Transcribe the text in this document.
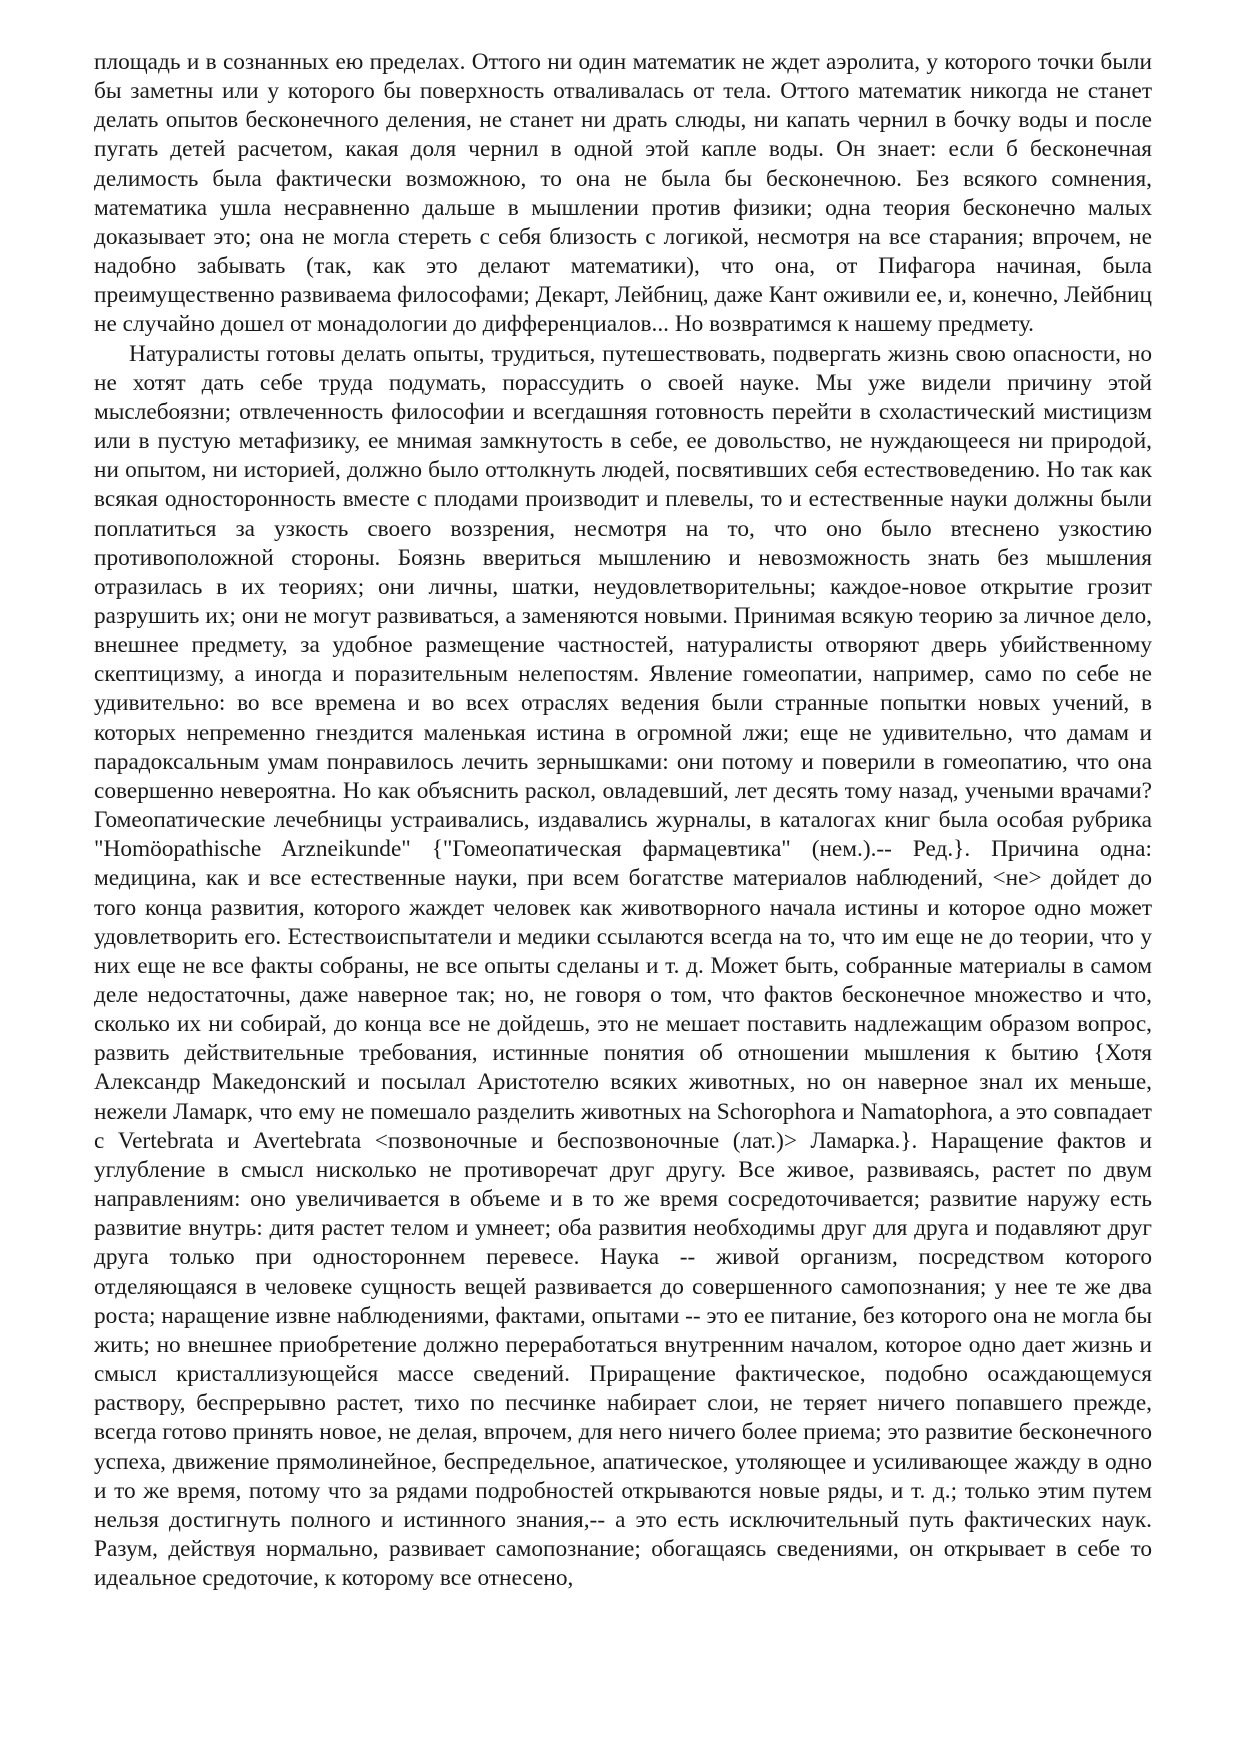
площадь и в сознанных ею пределах. Оттого ни один математик не ждет аэролита, у которого точки были бы заметны или у которого бы поверхность отваливалась от тела. Оттого математик никогда не станет делать опытов бесконечного деления, не станет ни драть слюды, ни капать чернил в бочку воды и после пугать детей расчетом, какая доля чернил в одной этой капле воды. Он знает: если б бесконечная делимость была фактически возможною, то она не была бы бесконечною. Без всякого сомнения, математика ушла несравненно дальше в мышлении против физики; одна теория бесконечно малых доказывает это; она не могла стереть с себя близость с логикой, несмотря на все старания; впрочем, не надобно забывать (так, как это делают математики), что она, от Пифагора начиная, была преимущественно развиваема философами; Декарт, Лейбниц, даже Кант оживили ее, и, конечно, Лейбниц не случайно дошел от монадологии до дифференциалов... Но возвратимся к нашему предмету.

Натуралисты готовы делать опыты, трудиться, путешествовать, подвергать жизнь свою опасности, но не хотят дать себе труда подумать, порассудить о своей науке. Мы уже видели причину этой мыслебоязни; отвлеченность философии и всегдашняя готовность перейти в схоластический мистицизм или в пустую метафизику, ее мнимая замкнутость в себе, ее довольство, не нуждающееся ни природой, ни опытом, ни историей, должно было оттолкнуть людей, посвятивших себя естествоведению. Но так как всякая односторонность вместе с плодами производит и плевелы, то и естественные науки должны были поплатиться за узкость своего воззрения, несмотря на то, что оно было втеснено узкостию противоположной стороны. Боязнь ввериться мышлению и невозможность знать без мышления отразилась в их теориях; они личны, шатки, неудовлетворительны; каждое-новое открытие грозит разрушить их; они не могут развиваться, а заменяются новыми. Принимая всякую теорию за личное дело, внешнее предмету, за удобное размещение частностей, натуралисты отворяют дверь убийственному скептицизму, а иногда и поразительным нелепостям. Явление гомеопатии, например, само по себе не удивительно: во все времена и во всех отраслях ведения были странные попытки новых учений, в которых непременно гнездится маленькая истина в огромной лжи; еще не удивительно, что дамам и парадоксальным умам понравилось лечить зернышками: они потому и поверили в гомеопатию, что она совершенно невероятна. Но как объяснить раскол, овладевший, лет десять тому назад, учеными врачами? Гомеопатические лечебницы устраивались, издавались журналы, в каталогах книг была особая рубрика "Homöopathische Arzneikunde" {"Гомеопатическая фармацевтика" (нем.).-- Ред.}. Причина одна: медицина, как и все естественные науки, при всем богатстве материалов наблюдений, <не> дойдет до того конца развития, которого жаждет человек как животворного начала истины и которое одно может удовлетворить его. Естествоиспытатели и медики ссылаются всегда на то, что им еще не до теории, что у них еще не все факты собраны, не все опыты сделаны и т. д. Может быть, собранные материалы в самом деле недостаточны, даже наверное так; но, не говоря о том, что фактов бесконечное множество и что, сколько их ни собирай, до конца все не дойдешь, это не мешает поставить надлежащим образом вопрос, развить действительные требования, истинные понятия об отношении мышления к бытию {Хотя Александр Македонский и посылал Аристотелю всяких животных, но он наверное знал их меньше, нежели Ламарк, что ему не помешало разделить животных на Schorophora и Namatophora, а это совпадает с Vertebrata и Avertebrata <позвоночные и беспозвоночные (лат.)> Ламарка.}. Наращение фактов и углубление в смысл нисколько не противоречат друг другу. Все живое, развиваясь, растет по двум направлениям: оно увеличивается в объеме и в то же время сосредоточивается; развитие наружу есть развитие внутрь: дитя растет телом и умнеет; оба развития необходимы друг для друга и подавляют друг друга только при одностороннем перевесе. Наука -- живой организм, посредством которого отделяющаяся в человеке сущность вещей развивается до совершенного самопознания; у нее те же два роста; наращение извне наблюдениями, фактами, опытами -- это ее питание, без которого она не могла бы жить; но внешнее приобретение должно переработаться внутренним началом, которое одно дает жизнь и смысл кристаллизующейся массе сведений. Приращение фактическое, подобно осаждающемуся раствору, беспрерывно растет, тихо по песчинке набирает слои, не теряет ничего попавшего прежде, всегда готово принять новое, не делая, впрочем, для него ничего более приема; это развитие бесконечного успеха, движение прямолинейное, беспредельное, апатическое, утоляющее и усиливающее жажду в одно и то же время, потому что за рядами подробностей открываются новые ряды, и т. д.; только этим путем нельзя достигнуть полного и истинного знания,-- а это есть исключительный путь фактических наук. Разум, действуя нормально, развивает самопознание; обогащаясь сведениями, он открывает в себе то идеальное средоточие, к которому все отнесено,
